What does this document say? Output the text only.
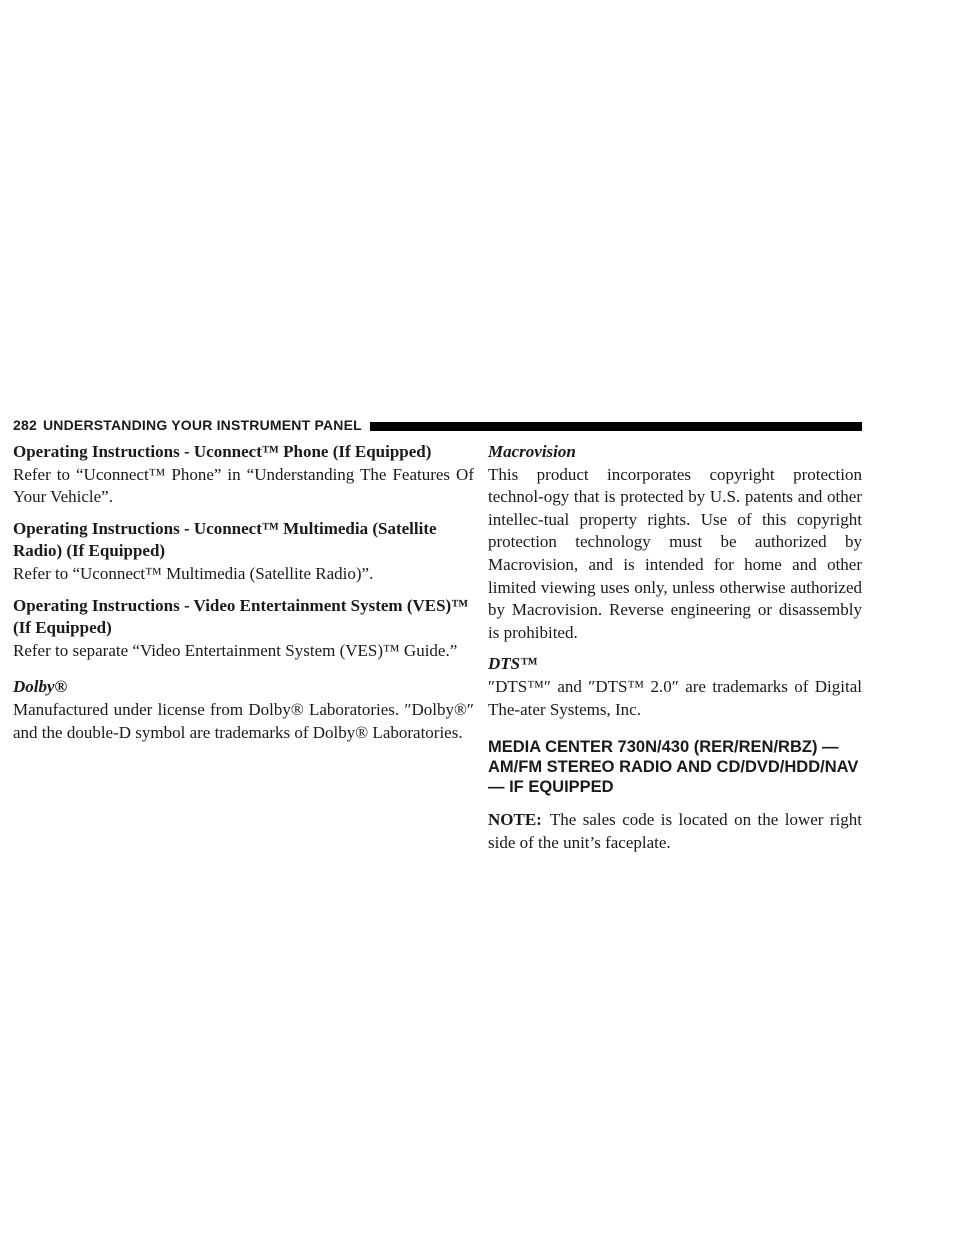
282 UNDERSTANDING YOUR INSTRUMENT PANEL

Operating Instructions - Uconnect™ Phone (If Equipped)

Refer to “Uconnect™ Phone” in “Understanding The Features Of Your Vehicle”.

Operating Instructions - Uconnect™ Multimedia (Satellite Radio) (If Equipped)

Refer to “Uconnect™ Multimedia (Satellite Radio)”.

Operating Instructions - Video Entertainment System (VES)™ (If Equipped)

Refer to separate “Video Entertainment System (VES)™ Guide.”

Dolby®

Manufactured under license from Dolby® Laboratories. ″Dolby®″ and the double-D symbol are trademarks of Dolby® Laboratories.

Macrovision

This product incorporates copyright protection technol-ogy that is protected by U.S. patents and other intellec-tual property rights. Use of this copyright protection technology must be authorized by Macrovision, and is intended for home and other limited viewing uses only, unless otherwise authorized by Macrovision. Reverse engineering or disassembly is prohibited.

DTS™

″DTS™″ and ″DTS™ 2.0″ are trademarks of Digital The-ater Systems, Inc.

MEDIA CENTER 730N/430 (RER/REN/RBZ) — AM/FM STEREO RADIO AND CD/DVD/HDD/NAV — IF EQUIPPED

NOTE: The sales code is located on the lower right side of the unit’s faceplate.
